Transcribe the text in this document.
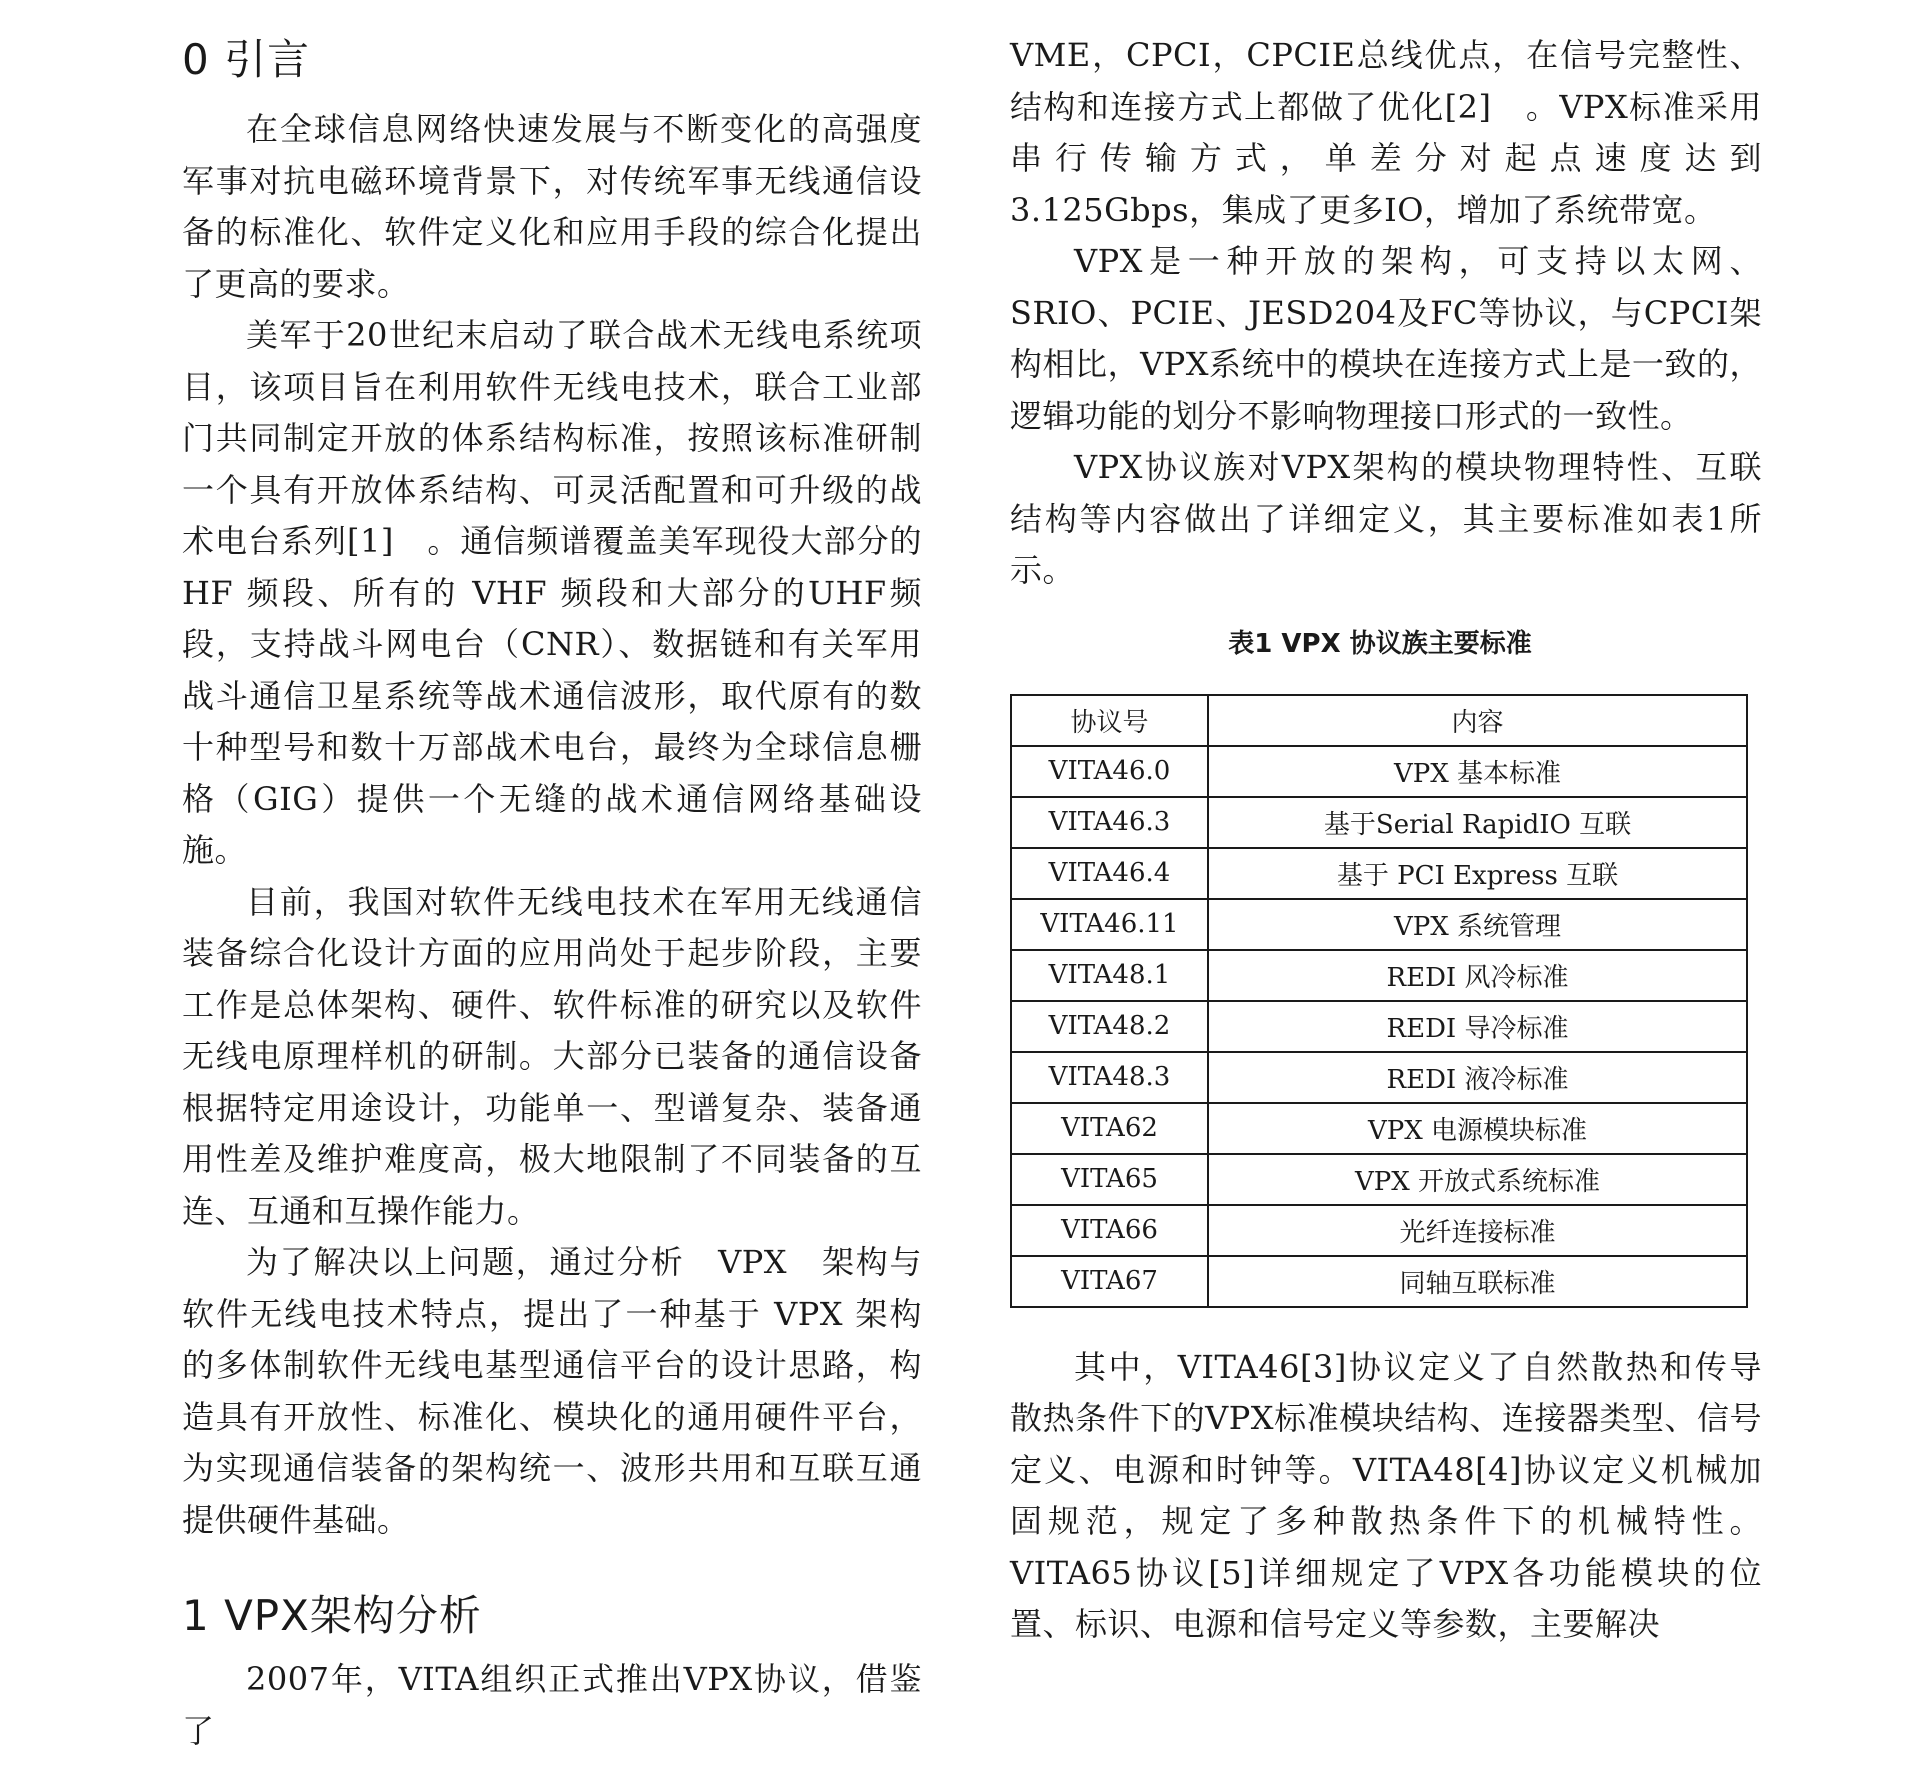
0 引言

在全球信息网络快速发展与不断变化的高强度军事对抗电磁环境背景下，对传统军事无线通信设备的标准化、软件定义化和应用手段的综合化提出了更高的要求。

美军于20世纪末启动了联合战术无线电系统项目，该项目旨在利用软件无线电技术，联合工业部门共同制定开放的体系结构标准，按照该标准研制一个具有开放体系结构、可灵活配置和可升级的战术电台系列[1]　。通信频谱覆盖美军现役大部分的 HF 频段、所有的 VHF 频段和大部分的UHF频段，支持战斗网电台（CNR）、数据链和有关军用战斗通信卫星系统等战术通信波形，取代原有的数十种型号和数十万部战术电台，最终为全球信息栅格（GIG）提供一个无缝的战术通信网络基础设施。

目前，我国对软件无线电技术在军用无线通信装备综合化设计方面的应用尚处于起步阶段，主要工作是总体架构、硬件、软件标准的研究以及软件无线电原理样机的研制。大部分已装备的通信设备根据特定用途设计，功能单一、型谱复杂、装备通用性差及维护难度高，极大地限制了不同装备的互连、互通和互操作能力。

为了解决以上问题，通过分析　VPX　架构与软件无线电技术特点，提出了一种基于 VPX 架构的多体制软件无线电基型通信平台的设计思路，构造具有开放性、标准化、模块化的通用硬件平台，为实现通信装备的架构统一、波形共用和互联互通提供硬件基础。

1 VPX架构分析

2007年，VITA组织正式推出VPX协议，借鉴了

VME，CPCI，CPCIE总线优点，在信号完整性、结构和连接方式上都做了优化[2]　。VPX标准采用串行传输方式，单差分对起点速度达到 3.125Gbps，集成了更多IO，增加了系统带宽。

VPX是一种开放的架构，可支持以太网、SRIO、PCIE、JESD204及FC等协议，与CPCI架构相比，VPX系统中的模块在连接方式上是一致的，逻辑功能的划分不影响物理接口形式的一致性。

VPX协议族对VPX架构的模块物理特性、互联结构等内容做出了详细定义，其主要标准如表1所示。

表1 VPX 协议族主要标准
协议号	内容
VITA46.0	VPX 基本标准
VITA46.3	基于Serial RapidIO 互联
VITA46.4	基于 PCI Express 互联
VITA46.11	VPX 系统管理
VITA48.1	REDI 风冷标准
VITA48.2	REDI 导冷标准
VITA48.3	REDI 液冷标准
VITA62	VPX 电源模块标准
VITA65	VPX 开放式系统标准
VITA66	光纤连接标准
VITA67	同轴互联标准

其中，VITA46[3]协议定义了自然散热和传导散热条件下的VPX标准模块结构、连接器类型、信号定义、电源和时钟等。VITA48[4]协议定义机械加固规范，规定了多种散热条件下的机械特性。VITA65协议[5]详细规定了VPX各功能模块的位置、标识、电源和信号定义等参数，主要解决
